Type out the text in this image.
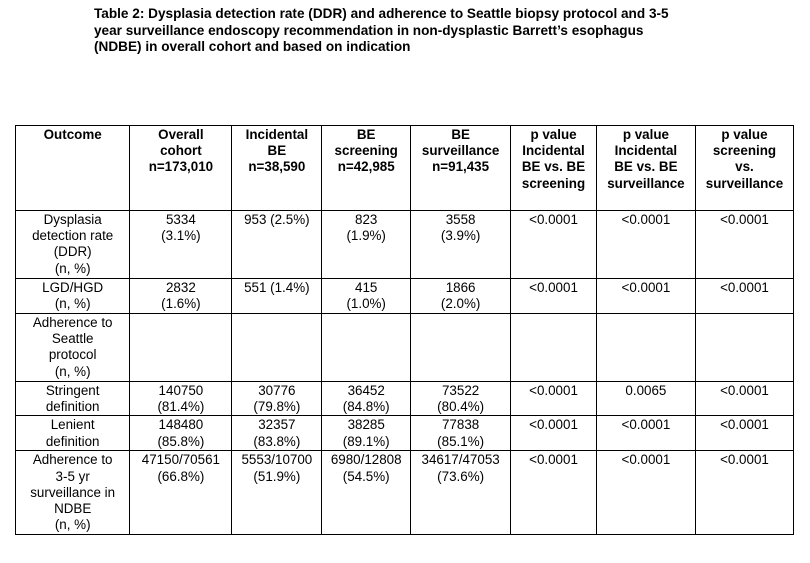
Table 2: Dysplasia detection rate (DDR) and adherence to Seattle biopsy protocol and 3-5
year surveillance endoscopy recommendation in non-dysplastic Barrett’s esophagus
(NDBE) in overall cohort and based on indication
Outcome	Overall
cohort
n=173,010	Incidental
BE
n=38,590	BE
screening
n=42,985	BE
surveillance
n=91,435	p value
Incidental
BE vs. BE
screening	p value
Incidental
BE vs. BE
surveillance	p value
screening
vs.
surveillance

Dysplasia
detection rate
(DDR)
(n, %)	5334
(3.1%)	953 (2.5%)	823
(1.9%)	3558
(3.9%)	<0.0001	<0.0001	<0.0001

LGD/HGD
(n, %)	2832
(1.6%)	551 (1.4%)	415
(1.0%)	1866
(2.0%)	<0.0001	<0.0001	<0.0001

Adherence to
Seattle
protocol
(n, %)							

Stringent
definition	140750
(81.4%)	30776
(79.8%)	36452
(84.8%)	73522
(80.4%)	<0.0001	0.0065	<0.0001

Lenient
definition	148480
(85.8%)	32357
(83.8%)	38285
(89.1%)	77838
(85.1%)	<0.0001	<0.0001	<0.0001

Adherence to
3-5 yr
surveillance in
NDBE
(n, %)	47150/70561
(66.8%)	5553/10700
(51.9%)	6980/12808
(54.5%)	34617/47053
(73.6%)	<0.0001	<0.0001	<0.0001
